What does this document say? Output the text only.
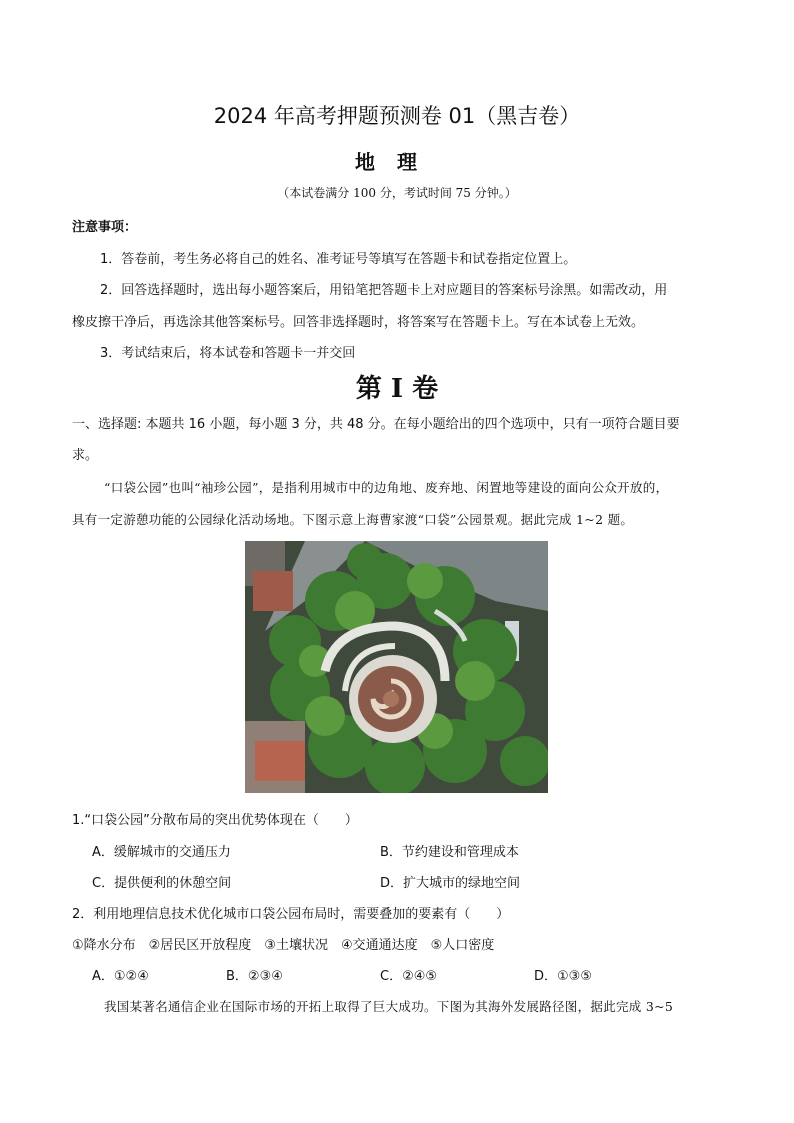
2024 年高考押题预测卷 01（黑吉卷）
地理
（本试卷满分 100 分，考试时间 75 分钟。）
注意事项：
1．答卷前，考生务必将自己的姓名、准考证号等填写在答题卡和试卷指定位置上。
2．回答选择题时，选出每小题答案后，用铅笔把答题卡上对应题目的答案标号涂黑。如需改动，用
橡皮擦干净后，再选涂其他答案标号。回答非选择题时，将答案写在答题卡上。写在本试卷上无效。
3．考试结束后，将本试卷和答题卡一并交回
第 I 卷
一、选择题: 本题共 16 小题，每小题 3 分，共 48 分。在每小题给出的四个选项中，只有一项符合题目要
求。
“口袋公园”也叫“袖珍公园”，是指利用城市中的边角地、废弃地、闲置地等建设的面向公众开放的，
具有一定游憩功能的公园绿化活动场地。下图示意上海曹家渡“口袋”公园景观。据此完成 1~2 题。
1.“口袋公园”分散布局的突出优势体现在（　　）
A．缓解城市的交通压力	B．节约建设和管理成本
C．提供便利的休憩空间	D．扩大城市的绿地空间
2．利用地理信息技术优化城市口袋公园布局时，需要叠加的要素有（　　）
①降水分布　②居民区开放程度　③土壤状况　④交通通达度　⑤人口密度
A．①②④	B．②③④	C．②④⑤	D．①③⑤
我国某著名通信企业在国际市场的开拓上取得了巨大成功。下图为其海外发展路径图，据此完成 3~5
